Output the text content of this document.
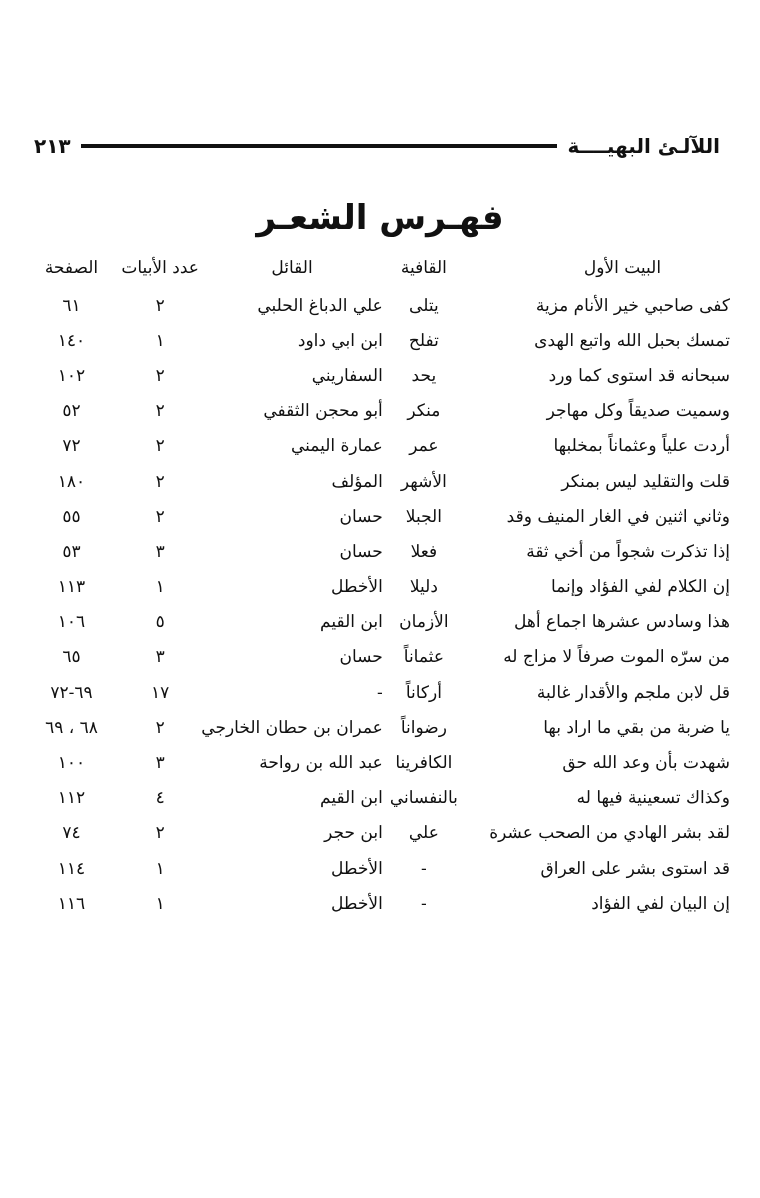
اللآلـئ البهيــــة
٢١٣
فهـرس الشعـر
البيت الأول	القافية	القائل	عدد الأبيات	الصفحة
كفى صاحبي خير الأنام مزية	يتلى	علي الدباغ الحلبي	٢	٦١
تمسك بحبل الله واتبع الهدى	تفلح	ابن ابي داود	١	١٤٠
سبحانه قد استوى كما ورد	يحد	السفاريني	٢	١٠٢
وسميت صديقاً وكل مهاجر	منكر	أبو محجن الثقفي	٢	٥٢
أردت علياً وعثماناً بمخلبها	عمر	عمارة اليمني	٢	٧٢
قلت والتقليد ليس بمنكر	الأشهر	المؤلف	٢	١٨٠
وثاني اثنين في الغار المنيف وقد	الجبلا	حسان	٢	٥٥
إذا تذكرت شجواً من أخي ثقة	فعلا	حسان	٣	٥٣
إن الكلام لفي الفؤاد وإنما	دليلا	الأخطل	١	١١٣
هذا وسادس عشرها اجماع أهل	الأزمان	ابن القيم	٥	١٠٦
من سرّه الموت صرفاً لا مزاج له	عثماناً	حسان	٣	٦٥
قل لابن ملجم والأقدار غالبة	أركاناً	-	١٧	٦٩-٧٢
يا ضربة من بقي ما اراد بها	رضواناً	عمران بن حطان الخارجي	٢	٦٨ ، ٦٩
شهدت بأن وعد الله حق	الكافرينا	عبد الله بن رواحة	٣	١٠٠
وكذاك تسعينية فيها له	بالنفساني	ابن القيم	٤	١١٢
لقد بشر الهادي من الصحب عشرة	علي	ابن حجر	٢	٧٤
قد استوى بشر على العراق	-	الأخطل	١	١١٤
إن البيان لفي الفؤاد	-	الأخطل	١	١١٦
